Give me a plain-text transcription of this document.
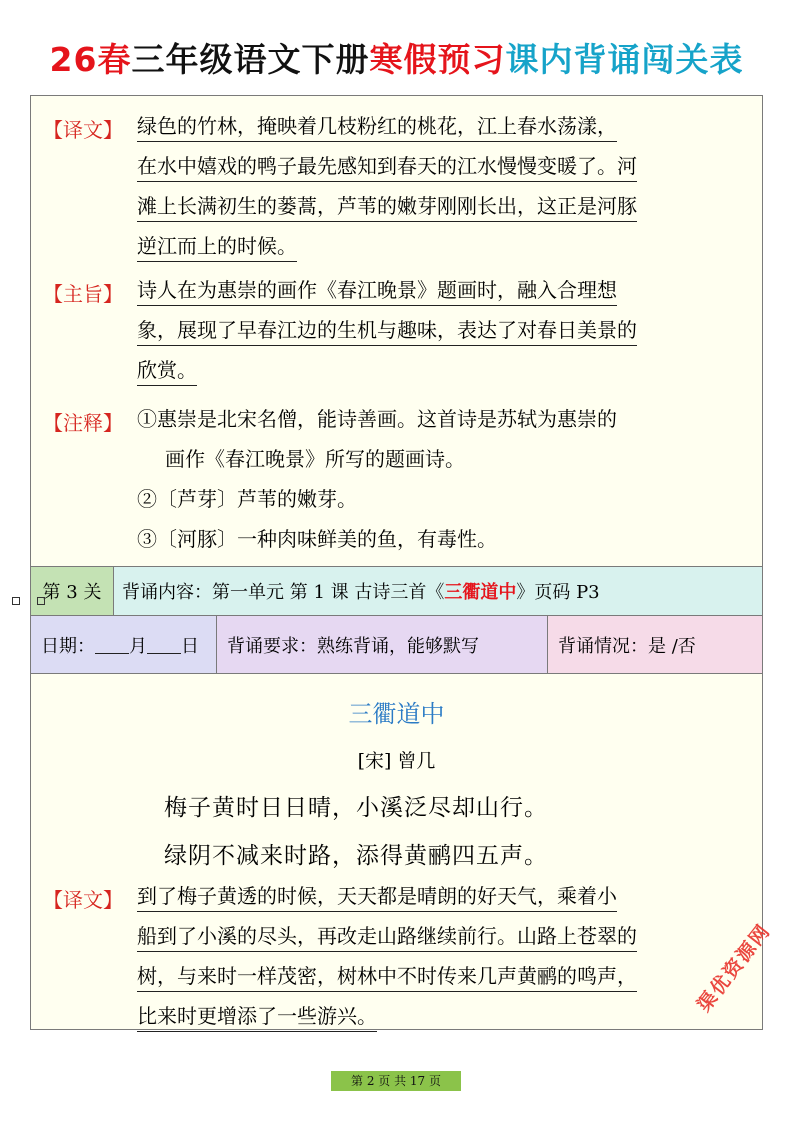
26春三年级语文下册寒假预习课内背诵闯关表
【译文】 绿色的竹林，掩映着几枝粉红的桃花，江上春水荡漾，
在水中嬉戏的鸭子最先感知到春天的江水慢慢变暖了。河
滩上长满初生的蒌蒿，芦苇的嫩芽刚刚长出，这正是河豚
逆江而上的时候。
【主旨】 诗人在为惠崇的画作《春江晚景》题画时，融入合理想
象，展现了早春江边的生机与趣味，表达了对春日美景的
欣赏。
【注释】 ①惠崇是北宋名僧，能诗善画。这首诗是苏轼为惠崇的
画作《春江晚景》所写的题画诗。
②〔芦芽〕芦苇的嫩芽。
③〔河豚〕一种肉味鲜美的鱼，有毒性。
第 3 关	背诵内容：第一单元 第 1 课 古诗三首《 三衢道中 》页码 P3
日期： 月 日	背诵要求：熟练背诵，能够默写	背诵情况：是 /否
三衢道中
[宋] 曾几
梅子黄时日日晴，小溪泛尽却山行。
绿阴不减来时路，添得黄鹂四五声。
【译文】 到了梅子黄透的时候，天天都是晴朗的好天气，乘着小
船到了小溪的尽头，再改走山路继续前行。山路上苍翠的
树，与来时一样茂密，树林中不时传来几声黄鹂的鸣声，
比来时更增添了一些游兴。	渠优资源网
第 2 页 共 17 页
